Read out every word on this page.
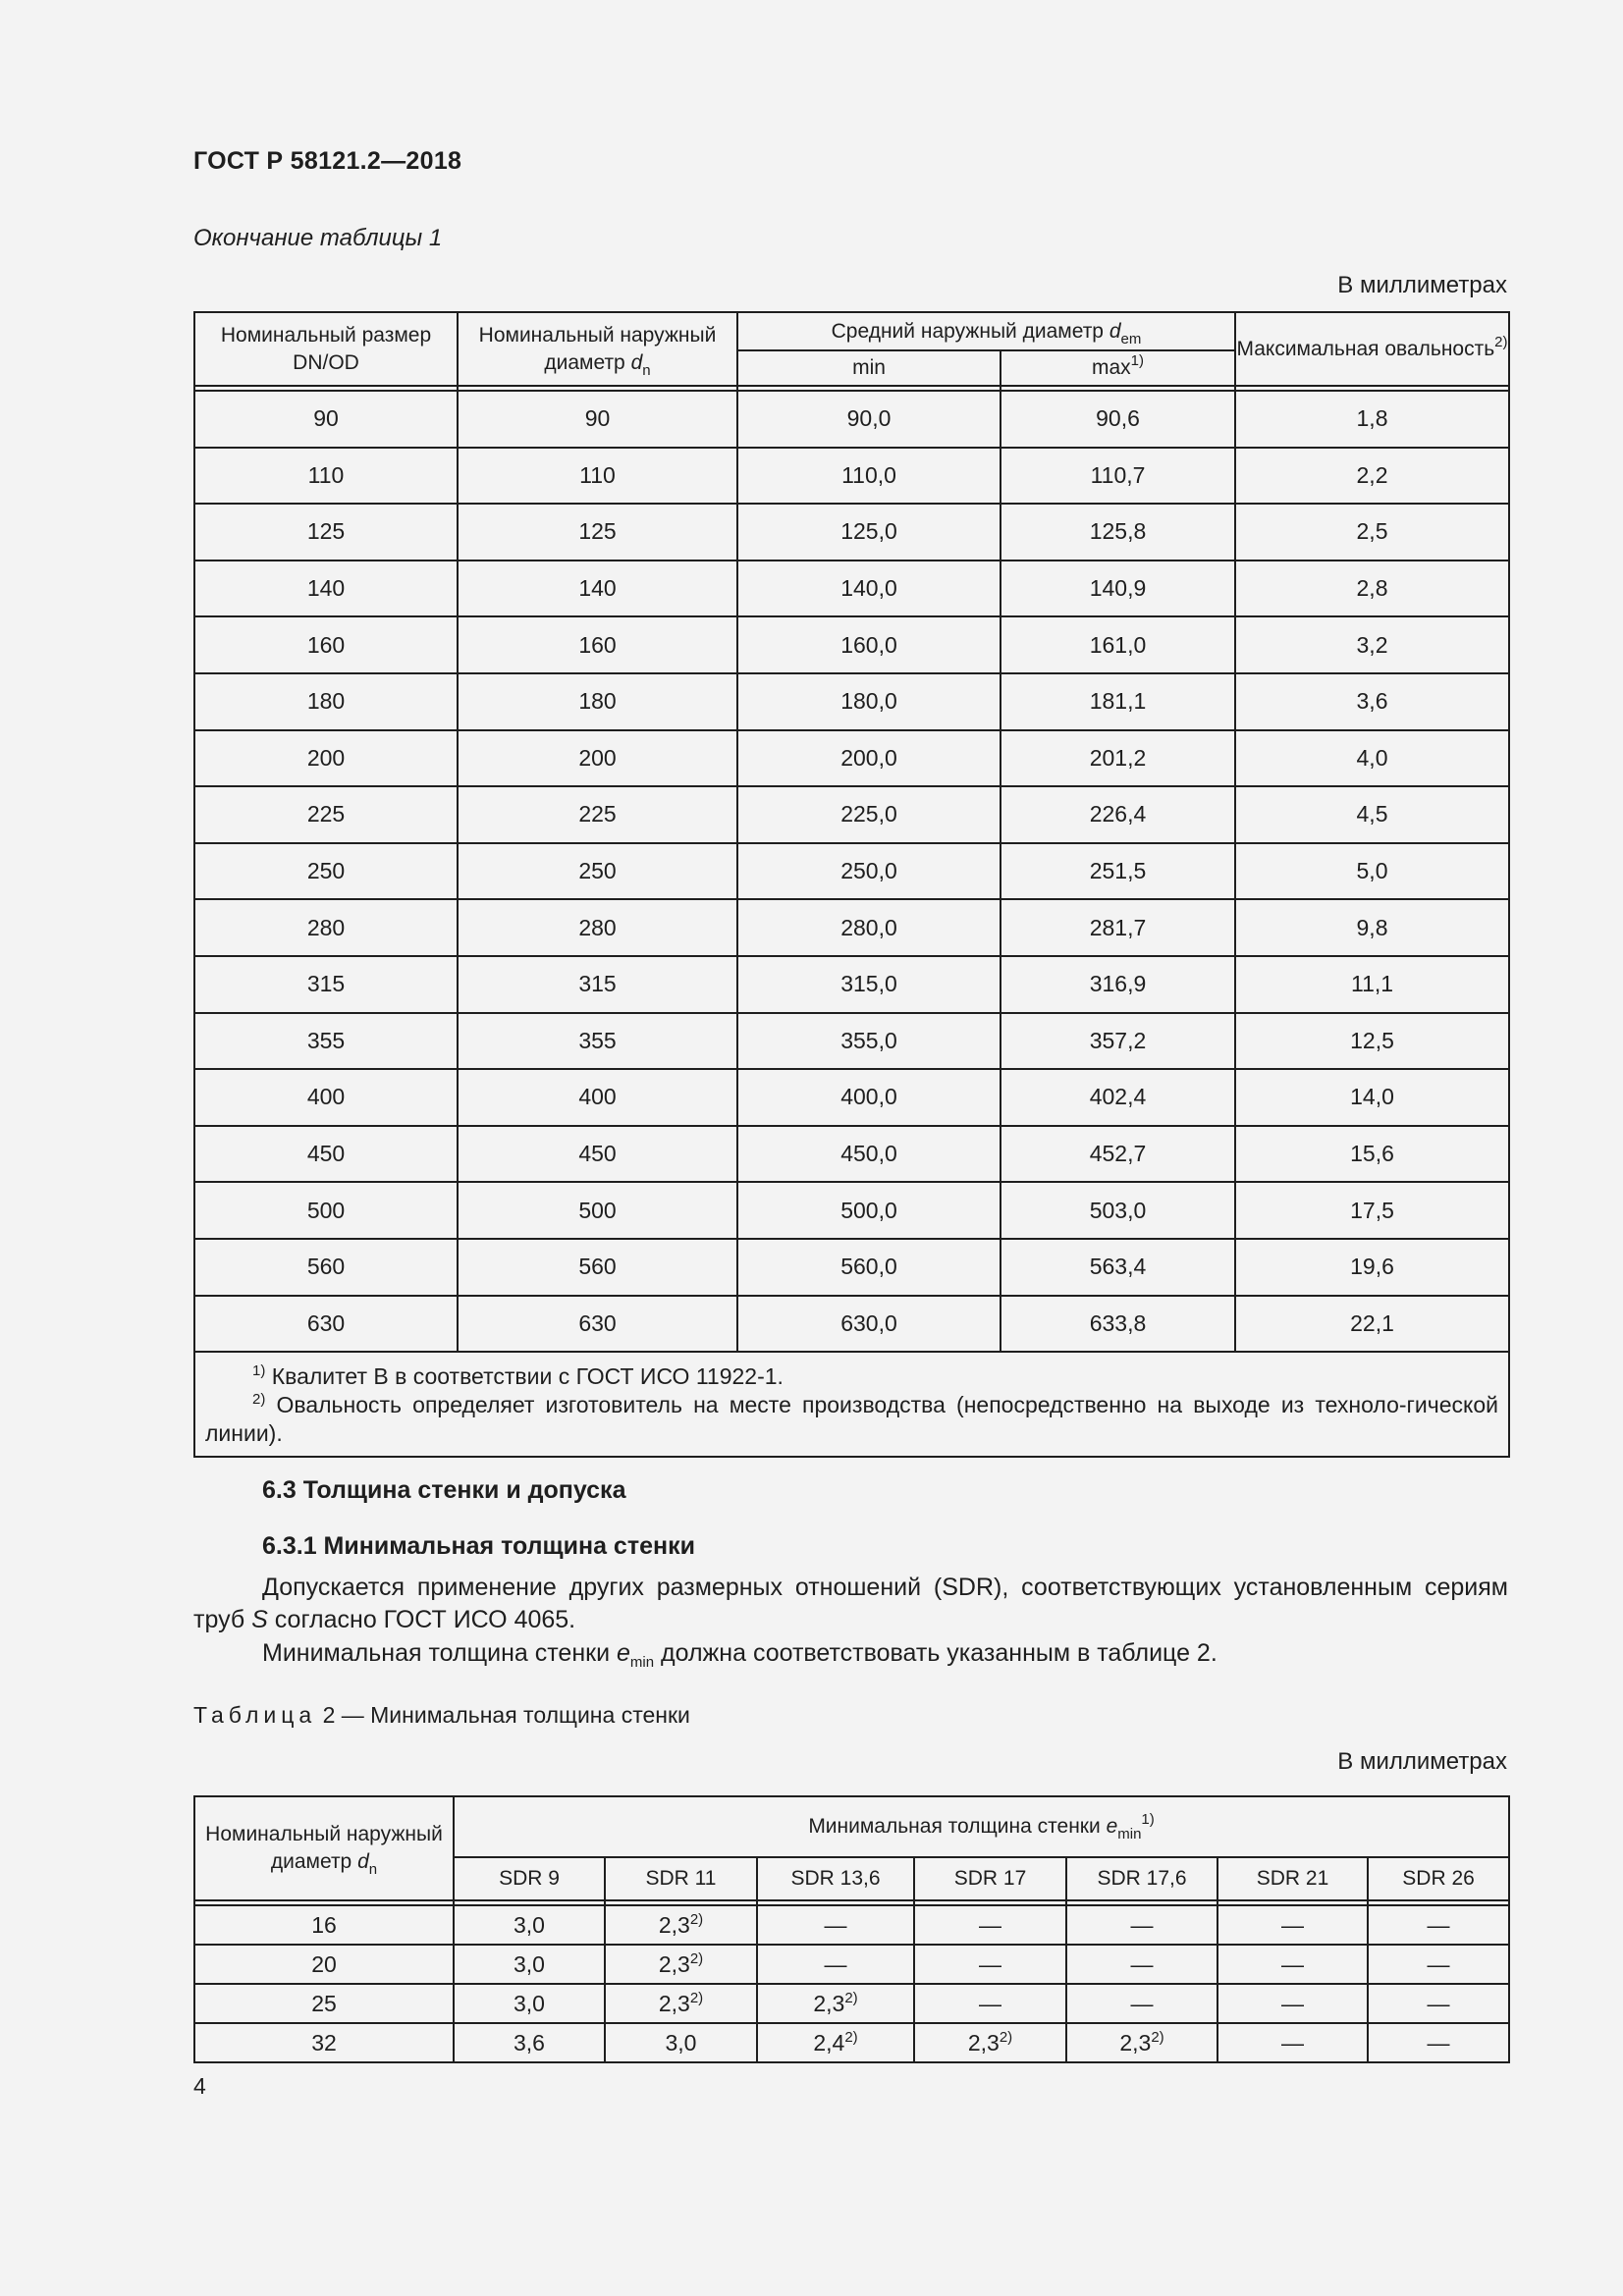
ГОСТ Р 58121.2—2018
Окончание таблицы 1
В миллиметрах
Номинальный размер DN/OD	Номинальный наружный диаметр $d_n$	Средний наружный диаметр $d_{em}$		Максимальная овальность$^{2)}$
		min	$\max^{1)}$

90	90	90,0	90,6	1,8
110	110	110,0	110,7	2,2
125	125	125,0	125,8	2,5
140	140	140,0	140,9	2,8
160	160	160,0	161,0	3,2
180	180	180,0	181,1	3,6
200	200	200,0	201,2	4,0
225	225	225,0	226,4	4,5
250	250	250,0	251,5	5,0
280	280	280,0	281,7	9,8
315	315	315,0	316,9	11,1
355	355	355,0	357,2	12,5
400	400	400,0	402,4	14,0
450	450	450,0	452,7	15,6
500	500	500,0	503,0	17,5
560	560	560,0	563,4	19,6
630	630	630,0	633,8	22,1

$^{1)}$ Квалитет В в соответствии с ГОСТ ИСО 11922-1.
$^{2)}$ Овальность определяет изготовитель на месте производства (непосредственно на выходе из техноло-гической линии).				
6.3 Толщина стенки и допуска
6.3.1 Минимальная толщина стенки
Допускается применение других размерных отношений (SDR), соответствующих установленным сериям труб S согласно ГОСТ ИСО 4065.
Минимальная толщина стенки $e_{min}$ должна соответствовать указанным в таблице 2.
Таблица 2 — Минимальная толщина стенки
В миллиметрах
Номинальный наружный диаметр $d_n$	Минимальная толщина стенки $e_{min}^{1)}$
	SDR 9	SDR 11	SDR 13,6	SDR 17	SDR 17,6	SDR 21	SDR 26

16	3,0	2,3$^{2)}$	—	—	—	—	—
20	3,0	2,3$^{2)}$	—	—	—	—	—
25	3,0	2,3$^{2)}$	2,3$^{2)}$	—	—	—	—
32	3,6	3,0	2,4$^{2)}$	2,3$^{2)}$	2,3$^{2)}$	—	—
4
